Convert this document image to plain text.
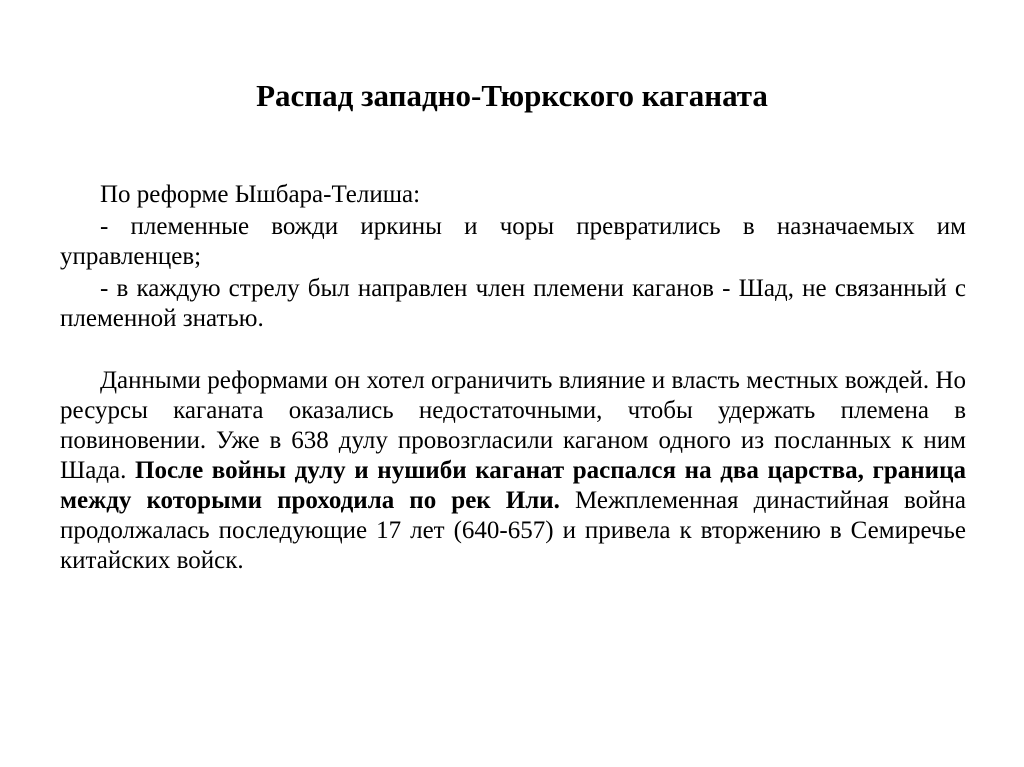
Распад западно-Тюркского каганата

По реформе Ышбара-Телиша:

- племенные вожди иркины и чоры превратились в назначаемых им управленцев;

- в каждую стрелу был направлен член племени каганов - Шад, не связанный с племенной знатью.

Данными реформами он хотел ограничить влияние и власть местных вождей. Но ресурсы каганата оказались недостаточными, чтобы удержать племена в повиновении. Уже в 638 дулу провозгласили каганом одного из посланных к ним Шада. После войны дулу и нушиби каганат распался на два царства, граница между которыми проходила по рек Или. Межплеменная династийная война продолжалась последующие 17 лет (640-657) и привела к вторжению в Семиречье китайских войск.
